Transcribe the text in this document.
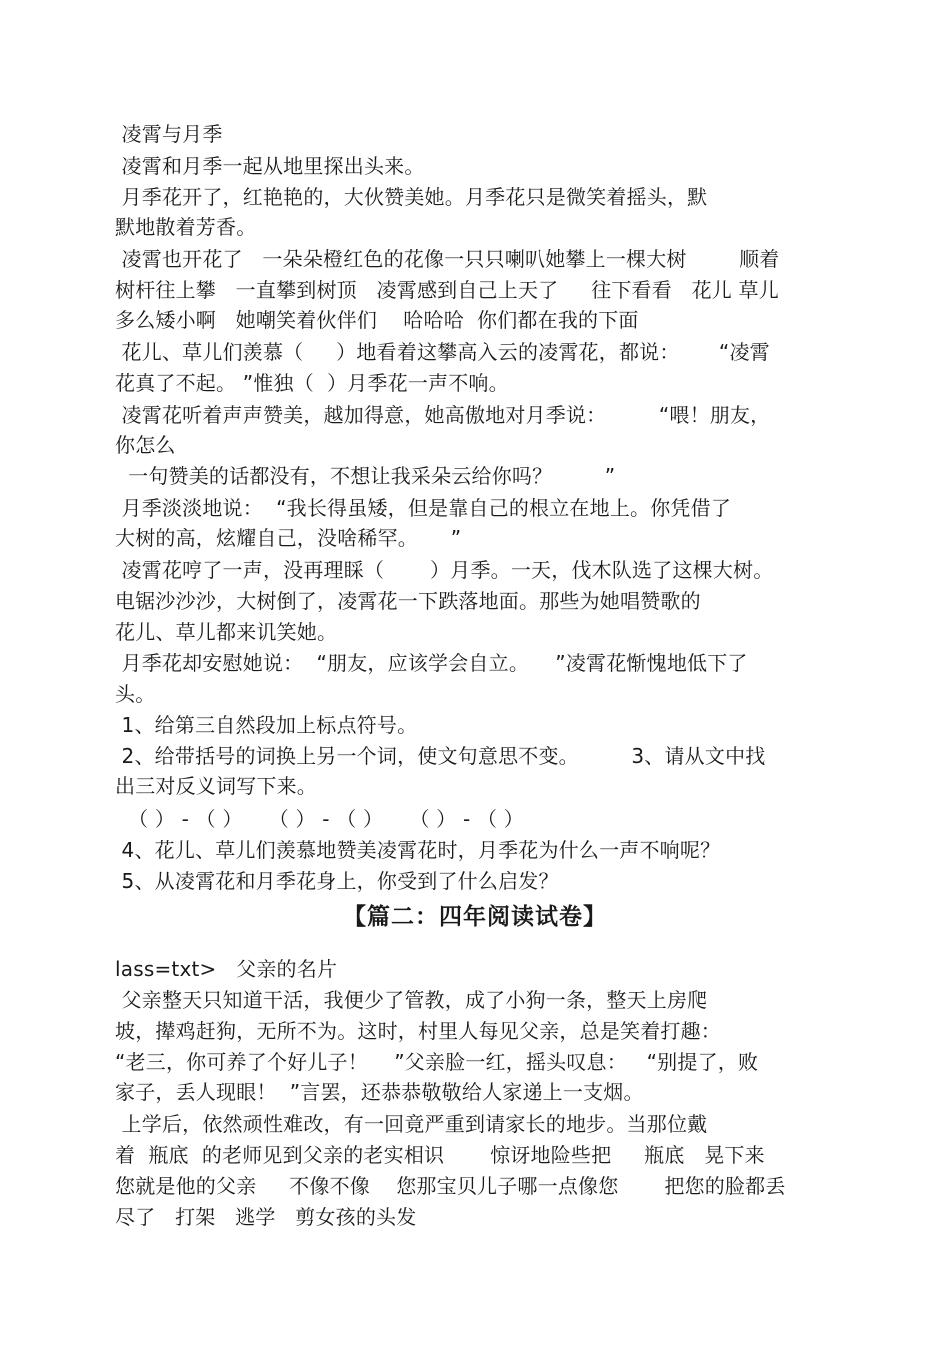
凌霄与月季
凌霄和月季一起从地里探出头来。
月季花开了，红艳艳的，大伙赞美她。月季花只是微笑着摇头，默
默地散着芳香。
凌霄也开花了   一朵朵橙红色的花像一只只喇叭她攀上一棵大树        顺着
树杆往上攀   一直攀到树顶   凌霄感到自己上天了     往下看看   花儿 草儿
多么矮小啊   她嘲笑着伙伴们    哈哈哈  你们都在我的下面
花儿、草儿们羡慕（     ）地看着这攀高入云的凌霄花，都说：      “凌霄
花真了不起。 ”惟独（  ）月季花一声不响。
凌霄花听着声声赞美，越加得意，她高傲地对月季说：        “喂！朋友，
你怎么
一句赞美的话都没有，不想让我采朵云给你吗？        ”
月季淡淡地说：  “我长得虽矮，但是靠自己的根立在地上。你凭借了
大树的高，炫耀自己，没啥稀罕。     ”
凌霄花哼了一声，没再理睬（       ）月季。一天，伐木队选了这棵大树。
电锯沙沙沙，大树倒了，凌霄花一下跌落地面。那些为她唱赞歌的
花儿、草儿都来讥笑她。
月季花却安慰她说：  “朋友，应该学会自立。    ”凌霄花惭愧地低下了
头。
1、给第三自然段加上标点符号。
2、给带括号的词换上另一个词，使文句意思不变。        3、请从文中找
出三对反义词写下来。
（ ） - （ ）    （ ） - （ ）    （ ） - （ ）
4、花儿、草儿们羡慕地赞美凌霄花时，月季花为什么一声不响呢？
5、从凌霄花和月季花身上，你受到了什么启发？
【篇二：四年阅读试卷】
lass=txt>   父亲的名片
父亲整天只知道干活，我便少了管教，成了小狗一条，整天上房爬
坡，撵鸡赶狗，无所不为。这时，村里人每见父亲，总是笑着打趣：
“老三，你可养了个好儿子！    ”父亲脸一红，摇头叹息：   “别提了，败
家子，丢人现眼！  ”言罢，还恭恭敬敬给人家递上一支烟。
上学后，依然顽性难改，有一回竟严重到请家长的地步。当那位戴
着  瓶底  的老师见到父亲的老实相识       惊讶地险些把     瓶底   晃下来
您就是他的父亲     不像不像    您那宝贝儿子哪一点像您       把您的脸都丢
尽了   打架   逃学   剪女孩的头发
